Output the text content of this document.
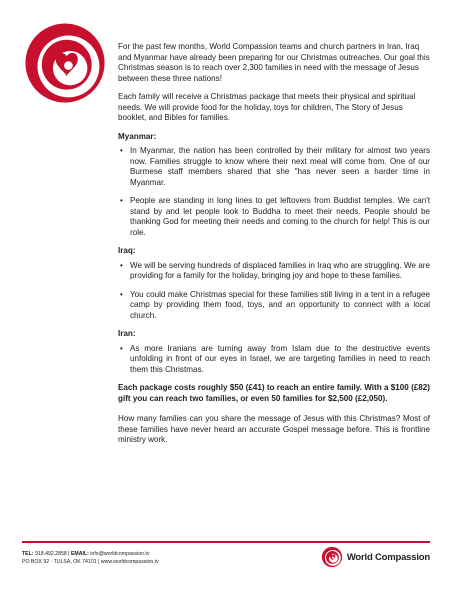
For the past few months, World Compassion teams and church partners in Iran, Iraq and Myanmar have already been preparing for our Christmas outreaches. Our goal this Christmas season is to reach over 2,300 families in need with the message of Jesus between these three nations!

Each family will receive a Christmas package that meets their physical and spiritual needs. We will provide food for the holiday, toys for children, The Story of Jesus booklet, and Bibles for families.

Myanmar:

• In Myanmar, the nation has been controlled by their military for almost two years now. Families struggle to know where their next meal will come from. One of our Burmese staff members shared that she "has never seen a harder time in Myanmar.
• People are standing in long lines to get leftovers from Buddist temples. We can't stand by and let people look to Buddha to meet their needs. People should be thanking God for meeting their needs and coming to the church for help! This is our role.

Iraq:

• We will be serving hundreds of displaced families in Iraq who are struggling. We are providing for a family for the holiday, bringing joy and hope to these families.
• You could make Christmas special for these families still living in a tent in a refugee camp by providing them food, toys, and an opportunity to connect with a local church.

Iran:

• As more Iranians are turning away from Islam due to the destructive events unfolding in front of our eyes in Israel, we are targeting families in need to reach them this Christmas.

Each package costs roughly $50 (£41) to reach an entire family. With a $100 (£82) gift you can reach two families, or even 50 families for $2,500 (£2,050).

How many families can you share the message of Jesus with this Christmas? Most of these families have never heard an accurate Gospel message before. This is frontline ministry work.

TEL: 918.492.2858 | EMAIL: info@worldcompassion.tv
PO BOX 92 · TULSA, OK 74101 | www.worldcompassion.tv	World Compassion
